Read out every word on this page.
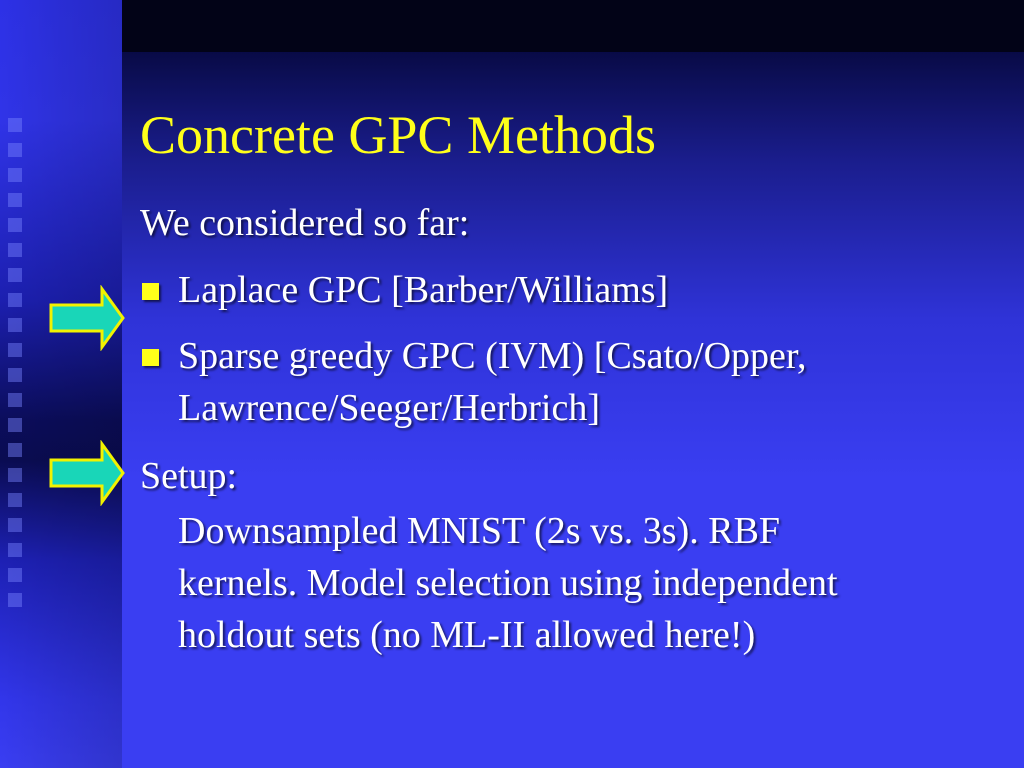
Concrete GPC Methods
We considered so far:
Laplace GPC [Barber/Williams]
Sparse greedy GPC (IVM) [Csato/Opper,
Lawrence/Seeger/Herbrich]
Setup:
Downsampled MNIST (2s vs. 3s). RBF
kernels. Model selection using independent
holdout sets (no ML-II allowed here!)
